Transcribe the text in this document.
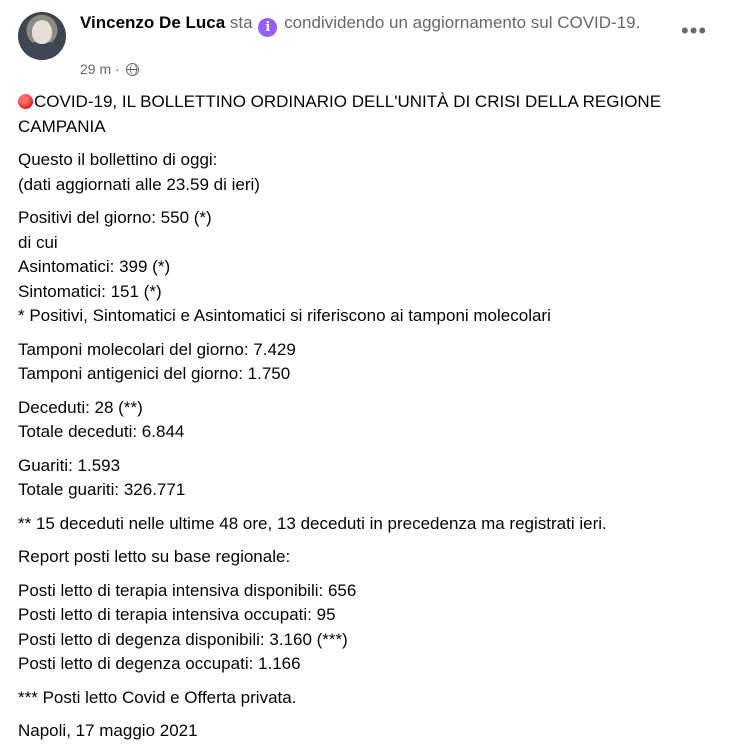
Vincenzo De Luca sta i condividendo un aggiornamento sul COVID-19.
29 m ·
•••
COVID-19, IL BOLLETTINO ORDINARIO DELL'UNITÀ DI CRISI DELLA REGIONE
CAMPANIA
Questo il bollettino di oggi:
(dati aggiornati alle 23.59 di ieri)
Positivi del giorno: 550 (*)
di cui
Asintomatici: 399 (*)
Sintomatici: 151 (*)
* Positivi, Sintomatici e Asintomatici si riferiscono ai tamponi molecolari
Tamponi molecolari del giorno: 7.429
Tamponi antigenici del giorno: 1.750
Deceduti: 28 (**)
Totale deceduti: 6.844
Guariti: 1.593
Totale guariti: 326.771
** 15 deceduti nelle ultime 48 ore, 13 deceduti in precedenza ma registrati ieri.
Report posti letto su base regionale:
Posti letto di terapia intensiva disponibili: 656
Posti letto di terapia intensiva occupati: 95
Posti letto di degenza disponibili: 3.160 (***)
Posti letto di degenza occupati: 1.166
*** Posti letto Covid e Offerta privata.
Napoli, 17 maggio 2021
